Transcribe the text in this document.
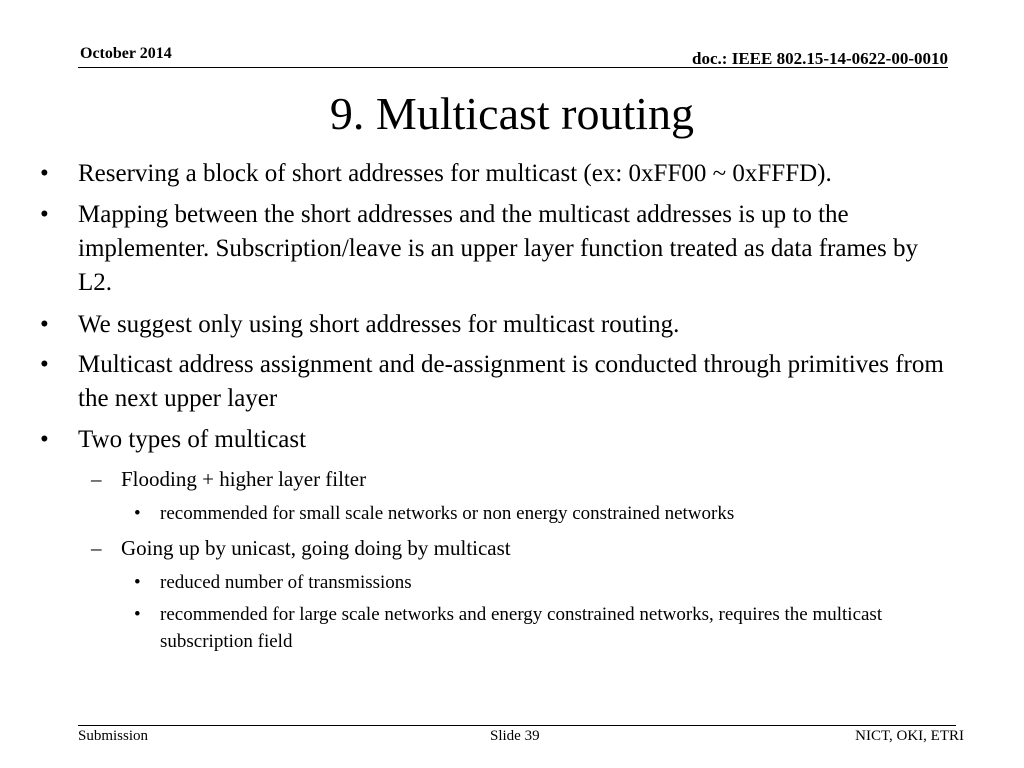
October 2014	doc.: IEEE 802.15-14-0622-00-0010
9. Multicast routing
• Reserving a block of short addresses for multicast (ex: 0xFF00 ~ 0xFFFD).
• Mapping between the short addresses and the multicast addresses is up to the implementer. Subscription/leave is an upper layer function treated as data frames by L2.
• We suggest only using short addresses for multicast routing.
• Multicast address assignment and de-assignment is conducted through primitives from the next upper layer
• Two types of multicast
– Flooding + higher layer filter
• recommended for small scale networks or non energy constrained networks
– Going up by unicast, going doing by multicast
• reduced number of transmissions
• recommended for large scale networks and energy constrained networks, requires the multicast subscription field
Submission	Slide 39	NICT, OKI, ETRI
